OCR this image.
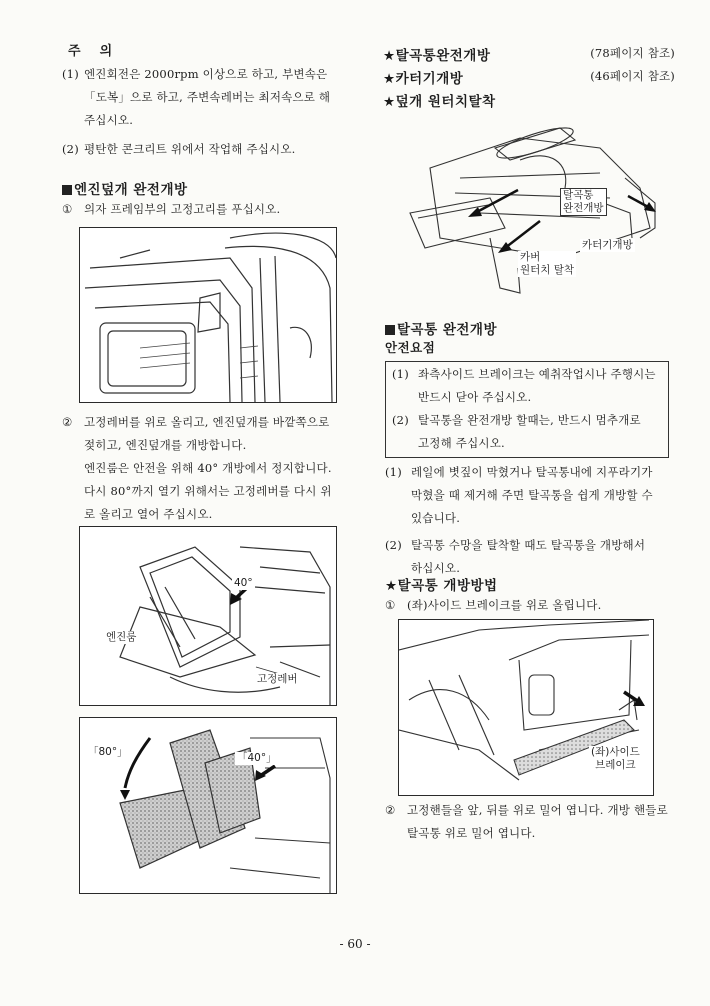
주    의
(1) 엔진회전은 2000rpm 이상으로 하고, 부변속은
「도복」으로 하고, 주변속레버는 최저속으로 해
주십시오.
(2) 평탄한 콘크리트 위에서 작업해 주십시오.
엔진덮개 완전개방
① 의자 프레임부의 고정고리를 푸십시오.
② 고정레버를 위로 올리고, 엔진덮개를 바깥쪽으로
젖히고, 엔진덮개를 개방합니다.
엔진룸은 안전을 위해 40° 개방에서 정지합니다.
다시 80°까지 열기 위해서는 고정레버를 다시 위
로 올리고 열어 주십시오.
40°
엔진룸
고정레버
「80°」	「40°」
★탈곡통완전개방	(78페이지 참조)
★카터기개방	(46페이지 참조)
★덮개 원터치탈착
탈곡통
완전개방
카터기개방
카버
원터치 탈착
탈곡통 완전개방
안전요점
(1) 좌측사이드 브레이크는 예취작업시나 주행시는
반드시 닫아 주십시오.
(2) 탈곡통을 완전개방 할때는, 반드시 멈추개로
고정해 주십시오.
(1) 레일에 볏짚이 막혔거나 탈곡통내에 지푸라기가
막혔을 때 제거해 주면 탈곡통을 쉽게 개방할 수
있습니다.
(2) 탈곡통 수망을 탈착할 때도 탈곡통을 개방해서
하십시오.
★탈곡통 개방방법
① (좌)사이드 브레이크를 위로 올립니다.
(좌)사이드
브레이크
② 고정핸들을 앞, 뒤를 위로 밀어 엽니다. 개방 핸들로
탈곡통 위로 밀어 엽니다.
- 60 -
